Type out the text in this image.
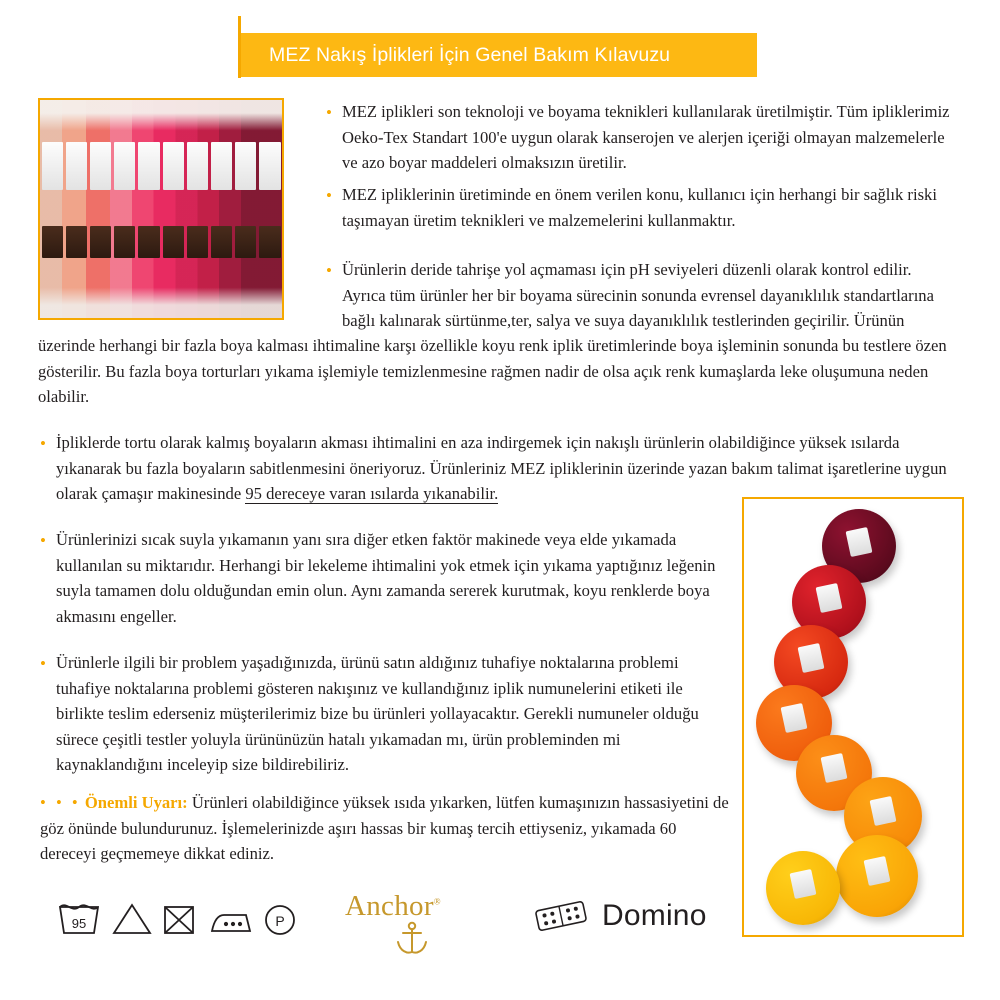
MEZ Nakış İplikleri İçin Genel Bakım Kılavuzu
• MEZ iplikleri son teknoloji ve boyama teknikleri kullanılarak üretilmiştir. Tüm ipliklerimiz Oeko-Tex Standart 100'e uygun olarak kanserojen ve alerjen içeriği olmayan malzemelerle ve azo boyar maddeleri olmaksızın üretilir.
• MEZ ipliklerinin üretiminde en önem verilen konu, kullanıcı için herhangi bir sağlık riski taşımayan üretim teknikleri ve malzemelerini kullanmaktır.
• Ürünlerin deride tahrişe yol açmaması için pH seviyeleri düzenli olarak kontrol edilir. Ayrıca tüm ürünler her bir boyama sürecinin sonunda evrensel dayanıklılık standartlarına bağlı kalınarak sürtünme,ter, salya ve suya dayanıklılık testlerinden geçirilir. Ürünün
üzerinde herhangi bir fazla boya kalması ihtimaline karşı özellikle koyu renk iplik üretimlerinde boya işleminin sonunda bu testlere özen gösterilir. Bu fazla boya torturları yıkama işlemiyle temizlenmesine rağmen nadir de olsa açık renk kumaşlarda leke oluşumuna neden olabilir.
• İpliklerde tortu olarak kalmış boyaların akması ihtimalini en aza indirgemek için nakışlı ürünlerin olabildiğince yüksek ısılarda yıkanarak bu fazla boyaların sabitlenmesini öneriyoruz. Ürünleriniz MEZ ipliklerinin üzerinde yazan bakım talimat işaretlerine uygun olarak çamaşır makinesinde 95 dereceye varan ısılarda yıkanabilir.
• Ürünlerinizi sıcak suyla yıkamanın yanı sıra diğer etken faktör makinede veya elde yıkamada kullanılan su miktarıdır. Herhangi bir lekeleme ihtimalini yok etmek için yıkama yaptığınız leğenin suyla tamamen dolu olduğundan emin olun. Aynı zamanda sererek kurutmak, koyu renklerde boya akmasını engeller.
• Ürünlerle ilgili bir problem yaşadığınızda, ürünü satın aldığınız tuhafiye noktalarına problemi tuhafiye noktalarına problemi gösteren nakışınız ve kullandığınız iplik numunelerini etiketi ile birlikte teslim ederseniz müşterilerimiz bize bu ürünleri yollayacaktır. Gerekli numuneler olduğu sürece çeşitli testler yoluyla ürününüzün hatalı yıkamadan mı, ürün probleminden mi kaynaklandığını inceleyip size bildirebiliriz.
• • • Önemli Uyarı: Ürünleri olabildiğince yüksek ısıda yıkarken, lütfen kumaşınızın hassasiyetini de göz önünde bulundurunuz. İşlemelerinizde aşırı hassas bir kumaş tercih ettiyseniz, yıkamada 60 dereceyi geçmemeye dikkat ediniz.
95	P Anchor®	Domino
